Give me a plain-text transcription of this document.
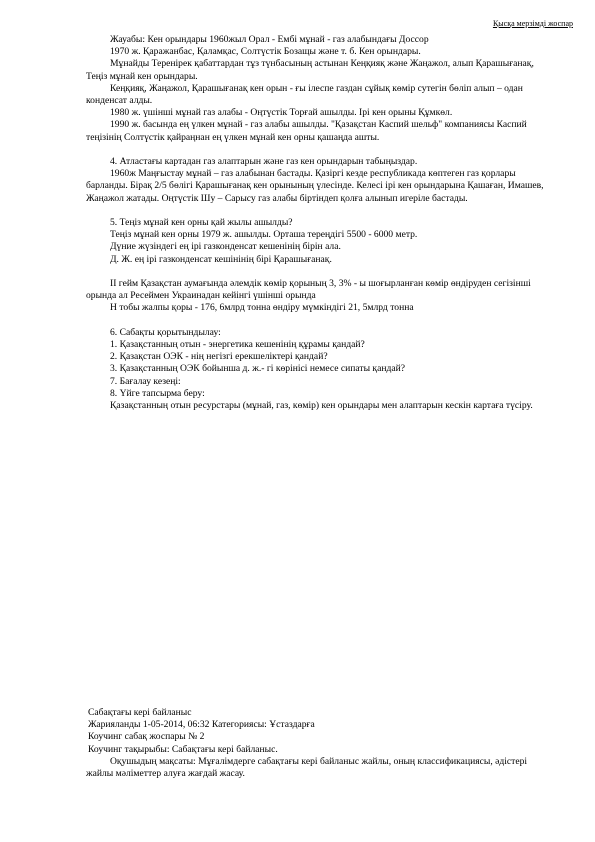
Қысқа мерзімді жоспар

Жауабы: Кен орындары 1960жыл Орал - Ембі мұнай - газ алабындағы Доссор

1970 ж. Қаражанбас, Қаламқас, Солтүстік Бозащы және т. б. Кен орындары.

Мұнайды Теренірек қабаттардан тұз түнбасының астынан Кеңқияқ және Жаңажол, алып Қарашығанақ, Теңіз мұнай кен орындары.

Кеңқияқ, Жаңажол, Қарашығанақ кен орын - ғы ілеспе газдан сұйық көмір сутегін бөліп алып – одан конденсат алды.

1980 ж. үшінші мұнай газ алабы - Оңтүстік Торғай ашылды. Ірі кен орыны Құмкөл.

1990 ж. басында ең үлкен мұнай - газ алабы ашылды. "Қазақстан Каспий шельф" компаниясы Каспий теңізінің Солтүстік қайраңнан ең үлкен мұнай кен орны қашаңда ашты.

4. Атластағы картадан газ алаптарын және газ кен орындарын табыңыздар.

1960ж Маңғыстау мұнай – газ алабынан бастады. Қазіргі кезде республикада көптеген газ қорлары барланды. Бірақ 2/5 бөлігі Қарашығанақ кен орынының үлесінде. Келесі ірі кен орындарына Қашаған, Имашев, Жаңажол жатады. Оңтүстік Шу – Сарысу газ алабы біртіндеп қолға алынып игеріле бастады.

5. Теңіз мұнай кен орны қай жылы ашылды?

Теңіз мұнай кен орны 1979 ж. ашылды. Орташа тереңдігі 5500 - 6000 метр.

Дүние жүзіндегі ең ірі газконденсат кешенінің бірін ала.

Д. Ж. ең ірі газконденсат кешінінің бірі Қарашығанақ.

ІІ гейм Қазақстан аумағында әлемдік көмір қорының 3, 3% - ы шоғырланған көмір өндіруден сегізінші орында ал Ресеймен Украинадан кейінгі үшінші орында

Н тобы жалпы қоры - 176, 6млрд тонна өндіру мүмкіндігі 21, 5млрд тонна

6. Сабақты қорытындылау:

1. Қазақстанның отын - энергетика кешенінің құрамы қандай?

2. Қазақстан ОЭК - нің негізгі ерекшеліктері қандай?

3. Қазақстанның ОЭК бойынша д. ж.- гі көрінісі немесе сипаты қандай?

7. Бағалау кезеңі:

8. Үйге тапсырма беру:

Қазақстанның отын ресурстары (мұнай, газ, көмір) кен орындары мен алаптарын кескін картаға түсіру.

Сабақтағы кері байланыс

Жарияланды 1-05-2014, 06:32 Категориясы: Ұстаздарға

Коучинг сабақ жоспары № 2

Коучинг тақырыбы: Сабақтағы кері байланыс.

Оқушыдың мақсаты: Мұғалімдерге сабақтағы кері байланыс жайлы, оның классификациясы, әдістері жайлы мәліметтер алуға жағдай жасау.
